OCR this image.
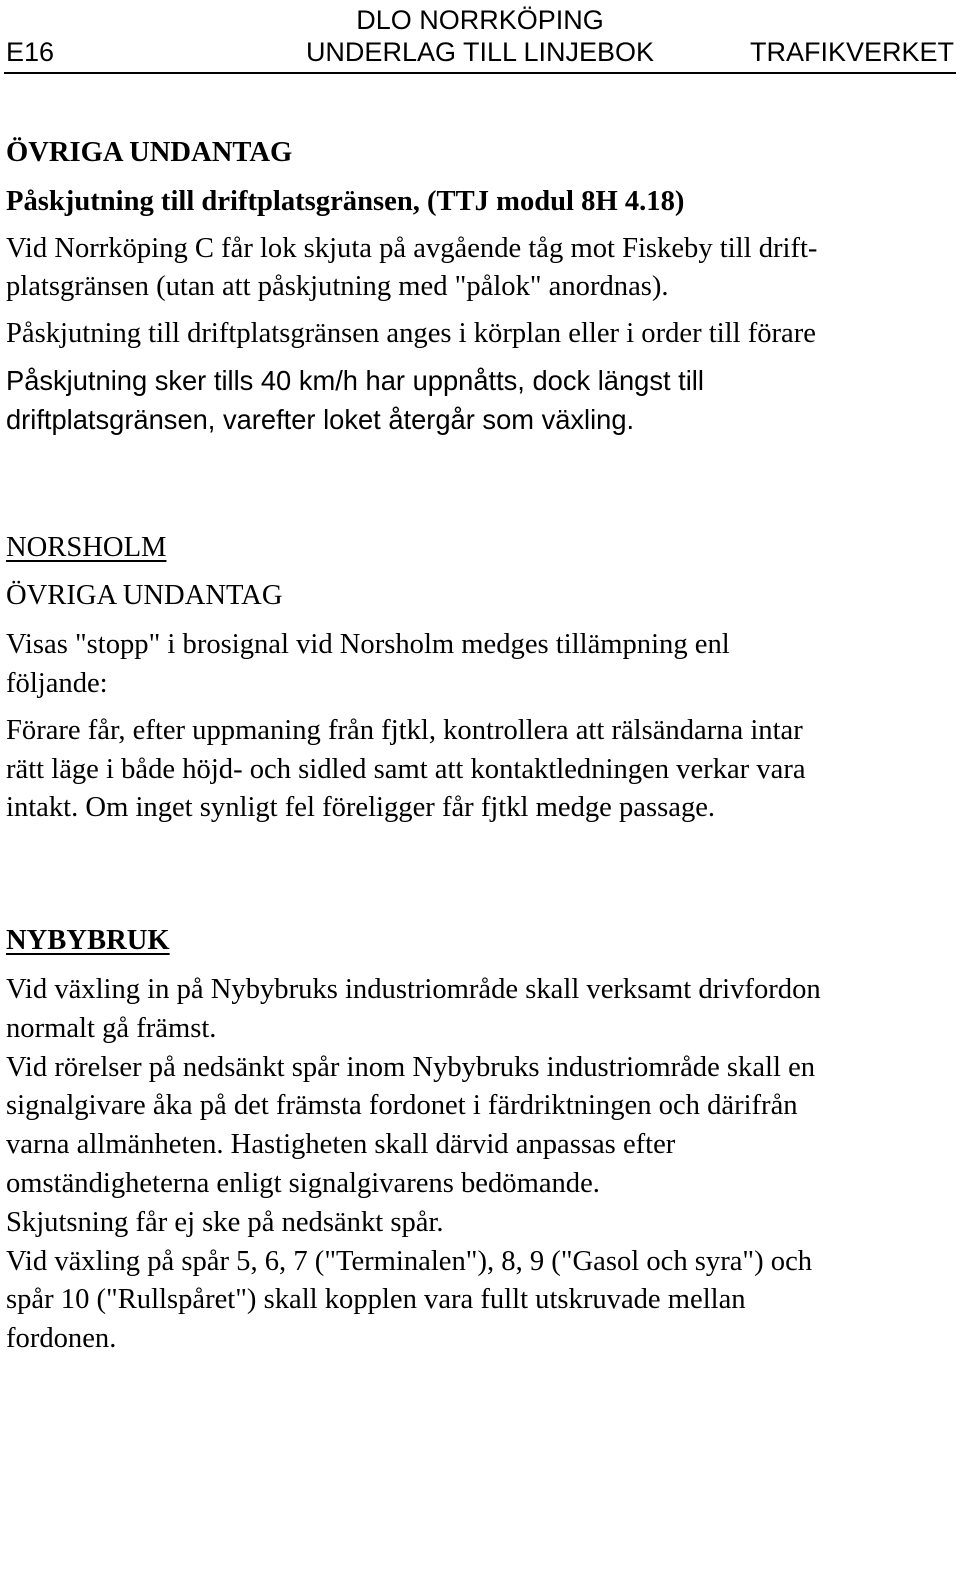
DLO NORRKÖPING
E16	UNDERLAG TILL LINJEBOK	TRAFIKVERKET

ÖVRIGA UNDANTAG

Påskjutning till driftplatsgränsen, (TTJ modul 8H 4.18)

Vid Norrköping C får lok skjuta på avgående tåg mot Fiskeby till drift-

platsgränsen (utan att påskjutning med "pålok" anordnas).

Påskjutning till driftplatsgränsen anges i körplan eller i order till förare

Påskjutning sker tills 40 km/h har uppnåtts, dock längst till

driftplatsgränsen, varefter loket återgår som växling.

NORSHOLM

ÖVRIGA UNDANTAG

Visas "stopp" i brosignal vid Norsholm medges tillämpning enl

följande:

Förare får, efter uppmaning från fjtkl, kontrollera att rälsändarna intar

rätt läge i både höjd- och sidled samt att kontaktledningen verkar vara

intakt. Om inget synligt fel föreligger får fjtkl medge passage.

NYBYBRUK

Vid växling in på Nybybruks industriområde skall verksamt drivfordon

normalt gå främst.

Vid rörelser på nedsänkt spår inom Nybybruks industriområde skall en

signalgivare åka på det främsta fordonet i färdriktningen och därifrån

varna allmänheten. Hastigheten skall därvid anpassas efter

omständigheterna enligt signalgivarens bedömande.

Skjutsning får ej ske på nedsänkt spår.

Vid växling på spår 5, 6, 7 ("Terminalen"), 8, 9 ("Gasol och syra") och

spår 10 ("Rullspåret") skall kopplen vara fullt utskruvade mellan

fordonen.
